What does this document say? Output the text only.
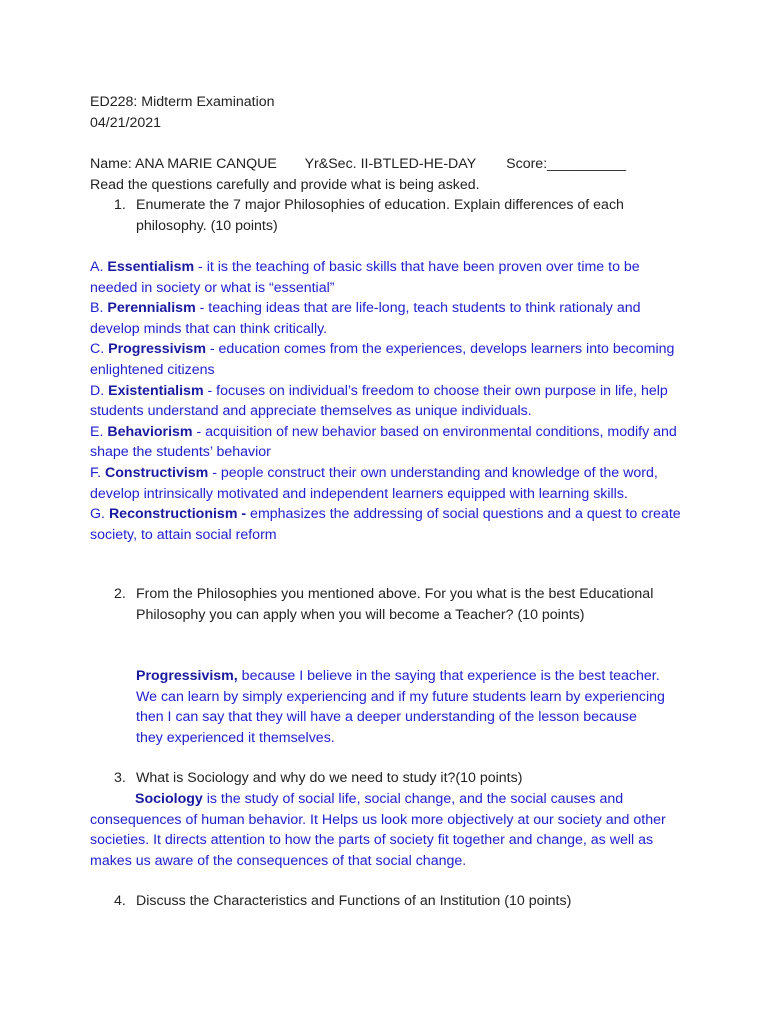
ED228: Midterm Examination
04/21/2021
Name: ANA MARIE CANQUE Yr&Sec. II-BTLED-HE-DAY Score:__________
Read the questions carefully and provide what is being asked.
1. Enumerate the 7 major Philosophies of education. Explain differences of each
philosophy. (10 points)
A. Essentialism - it is the teaching of basic skills that have been proven over time to be needed in society or what is “essential”
B. Perennialism - teaching ideas that are life-long, teach students to think rationaly and develop minds that can think critically.
C. Progressivism - education comes from the experiences, develops learners into becoming enlightened citizens
D. Existentialism - focuses on individual’s freedom to choose their own purpose in life, help students understand and appreciate themselves as unique individuals.
E. Behaviorism - acquisition of new behavior based on environmental conditions, modify and shape the students’ behavior
F. Constructivism - people construct their own understanding and knowledge of the word, develop intrinsically motivated and independent learners equipped with learning skills.
G. Reconstructionism - emphasizes the addressing of social questions and a quest to create society, to attain social reform
2. From the Philosophies you mentioned above. For you what is the best Educational Philosophy you can apply when you will become a Teacher? (10 points)
Progressivism, because I believe in the saying that experience is the best teacher. We can learn by simply experiencing and if my future students learn by experiencing then I can say that they will have a deeper understanding of the lesson because they experienced it themselves.
3. What is Sociology and why do we need to study it?(10 points)
Sociology is the study of social life, social change, and the social causes and consequences of human behavior. It Helps us look more objectively at our society and other societies. It directs attention to how the parts of society fit together and change, as well as makes us aware of the consequences of that social change.
4. Discuss the Characteristics and Functions of an Institution (10 points)
